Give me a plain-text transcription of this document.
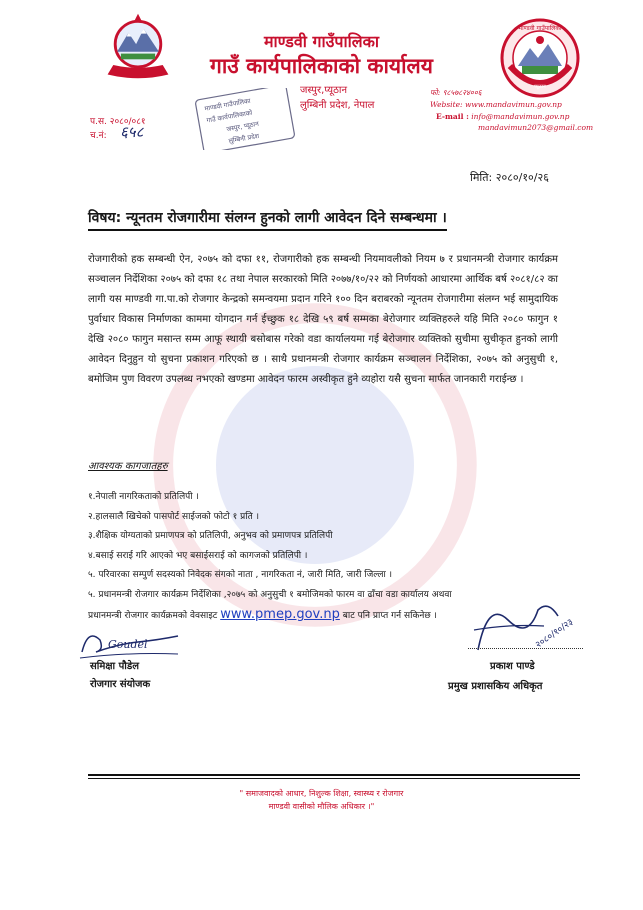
माण्डवी गाउँपालिका
गाउँ कार्यपालिकाको कार्यालय
जस्पुर,प्यूठान
लुम्बिनी प्रदेश, नेपाल
माण्डवी गाउँपालिका
प्यूठान
फो: ९८५७८२४००६
Website: www.mandavimun.gov.np
E-mail : info@mandavimun.gov.np
mandavimun2073@gmail.com
प.स. २०८०/०८१
च.नं: ६५८
माण्डवी गाउँपालिका
गाउँ कार्यपालिकाको
जस्पुर, प्यूठान
लुम्बिनी प्रदेश
मिति: २०८०/१०/२६
विषय: न्यूनतम रोजगारीमा संलग्न हुनको लागी आवेदन दिने सम्बन्धमा ।
रोजगारीको हक सम्बन्धी ऐन, २०७५ को दफा ११, रोजगारीको हक सम्बन्धी नियमावलीको नियम ७ र प्रधानमन्त्री रोजगार कार्यक्रम सञ्चालन निर्देशिका २०७५ को दफा १८ तथा नेपाल सरकारको मिति २०७७/१०/२२ को निर्णयको आधारमा आर्थिक बर्ष २०८१/८२ का लागी यस माण्डवी गा.पा.को रोजगार केन्द्रको समन्वयमा प्रदान गरिने १०० दिन बराबरको न्यूनतम रोजगारीमा संलग्न भई सामुदायिक पुर्वाधार विकास निर्माणका काममा योगदान गर्न ईच्छुक १८ देखि ५९ बर्ष सम्मका बेरोजगार व्यक्तिहरुले यहि मिति २०८० फागुन १ देखि २०८० फागुन मसान्त सम्म आफू स्थायी बसोबास गरेको वडा कार्यालयमा गई बेरोजगार व्यक्तिको सुचीमा सुचीकृत हुनको लागी आवेदन दिनुहुन यो सुचना प्रकाशन गरिएको छ । साथै प्रधानमन्त्री रोजगार कार्यक्रम सञ्चालन निर्देशिका, २०७५ को अनुसुची १, बमोजिम पुण विवरण उपलब्ध नभएको खण्डमा आवेदन फारम अस्वीकृत हुने व्यहोरा यसै सुचना मार्फत जानकारी गराईन्छ ।
आवश्यक कागजातहरु
१.नेपाली नागरिकताको प्रतिलिपी ।
२.हालसालै खिचेको पासपोर्ट साईजको फोटो १ प्रति ।
३.शैक्षिक योग्यताको प्रमाणपत्र को प्रतिलिपी, अनुभव को प्रमाणपत्र प्रतिलिपी
४.बसाई सराई गरि आएको भए बसाईसराई को कागजको प्रतिलिपी ।
५. परिवारका सम्पुर्ण सदस्यको निवेदक संगको नाता , नागरिकता नं, जारी मिति, जारी जिल्ला ।
५. प्रधानमन्त्री रोजगार कार्यक्रम निर्देशिका ,२०७५ को अनुसुची १ बमोजिमको फारम वा ढाँचा वडा कार्यालय अथवा
प्रधानमन्त्री रोजगार कार्यक्रमको वेवसाइट www.pmep.gov.np बाट पनि प्राप्त गर्न सकिनेछ ।
Goudel	२०८०/१०/२३
समिक्षा पौडेल
रोजगार संयोजक
प्रकाश पाण्डे
प्रमुख प्रशासकिय अधिकृत
" समाजवादको आधार, निशुल्क शिक्षा, स्वास्थ्य र रोजगार
माण्डवी वासीको मौलिक अधिकार ।"
